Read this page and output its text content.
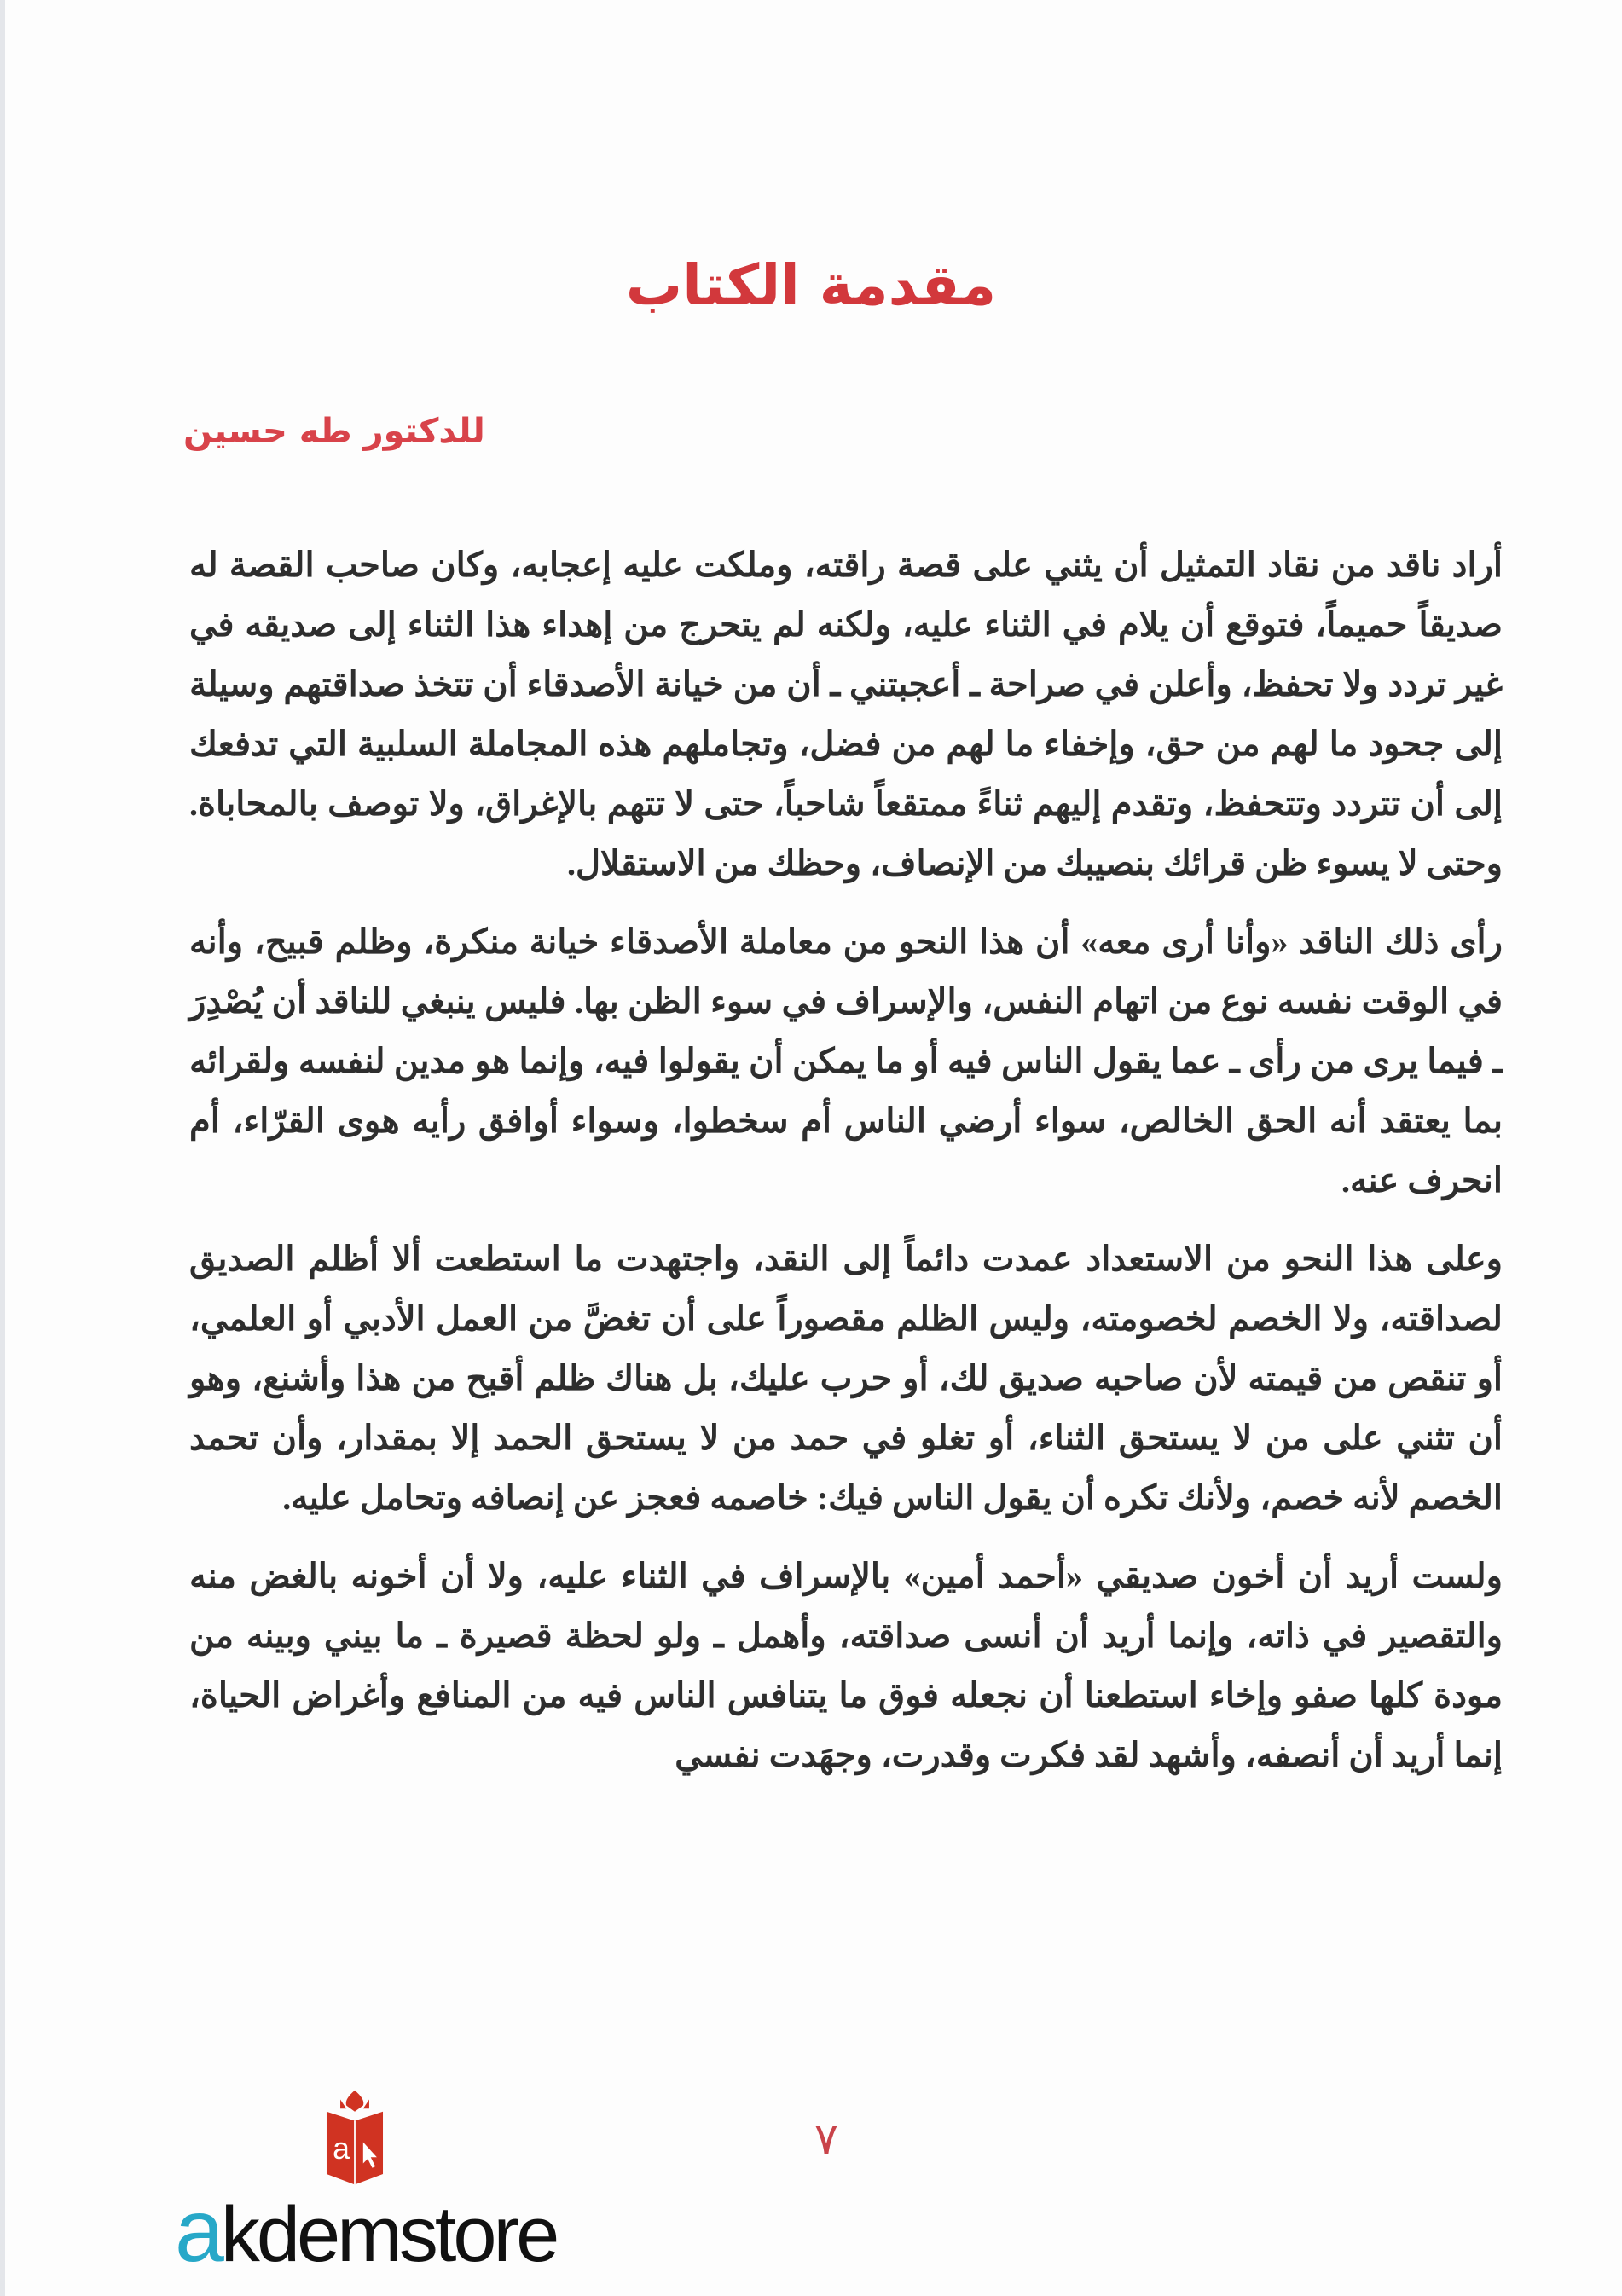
مقدمة الكتاب
للدكتور طه حسين

أراد ناقد من نقاد التمثيل أن يثني على قصة راقته، وملكت عليه إعجابه، وكان صاحب القصة له صديقاً حميماً، فتوقع أن يلام في الثناء عليه، ولكنه لم يتحرج من إهداء هذا الثناء إلى صديقه في غير تردد ولا تحفظ، وأعلن في صراحة ـ أعجبتني ـ أن من خيانة الأصدقاء أن تتخذ صداقتهم وسيلة إلى جحود ما لهم من حق، وإخفاء ما لهم من فضل، وتجاملهم هذه المجاملة السلبية التي تدفعك إلى أن تتردد وتتحفظ، وتقدم إليهم ثناءً ممتقعاً شاحباً، حتى لا تتهم بالإغراق، ولا توصف بالمحاباة. وحتى لا يسوء ظن قرائك بنصيبك من الإنصاف، وحظك من الاستقلال.

رأى ذلك الناقد «وأنا أرى معه» أن هذا النحو من معاملة الأصدقاء خيانة منكرة، وظلم قبيح، وأنه في الوقت نفسه نوع من اتهام النفس، والإسراف في سوء الظن بها. فليس ينبغي للناقد أن يُصْدِرَ ـ فيما يرى من رأى ـ عما يقول الناس فيه أو ما يمكن أن يقولوا فيه، وإنما هو مدين لنفسه ولقرائه بما يعتقد أنه الحق الخالص، سواء أرضي الناس أم سخطوا، وسواء أوافق رأيه هوى القرّاء، أم انحرف عنه.

وعلى هذا النحو من الاستعداد عمدت دائماً إلى النقد، واجتهدت ما استطعت ألا أظلم الصديق لصداقته، ولا الخصم لخصومته، وليس الظلم مقصوراً على أن تغضَّ من العمل الأدبي أو العلمي، أو تنقص من قيمته لأن صاحبه صديق لك، أو حرب عليك، بل هناك ظلم أقبح من هذا وأشنع، وهو أن تثني على من لا يستحق الثناء، أو تغلو في حمد من لا يستحق الحمد إلا بمقدار، وأن تحمد الخصم لأنه خصم، ولأنك تكره أن يقول الناس فيك: خاصمه فعجز عن إنصافه وتحامل عليه.

ولست أريد أن أخون صديقي «أحمد أمين» بالإسراف في الثناء عليه، ولا أن أخونه بالغض منه والتقصير في ذاته، وإنما أريد أن أنسى صداقته، وأهمل ـ ولو لحظة قصيرة ـ ما بيني وبينه من مودة كلها صفو وإخاء استطعنا أن نجعله فوق ما يتنافس الناس فيه من المنافع وأغراض الحياة، إنما أريد أن أنصفه، وأشهد لقد فكرت وقدرت، وجهَدت نفسي

٧
a
akdemstore
